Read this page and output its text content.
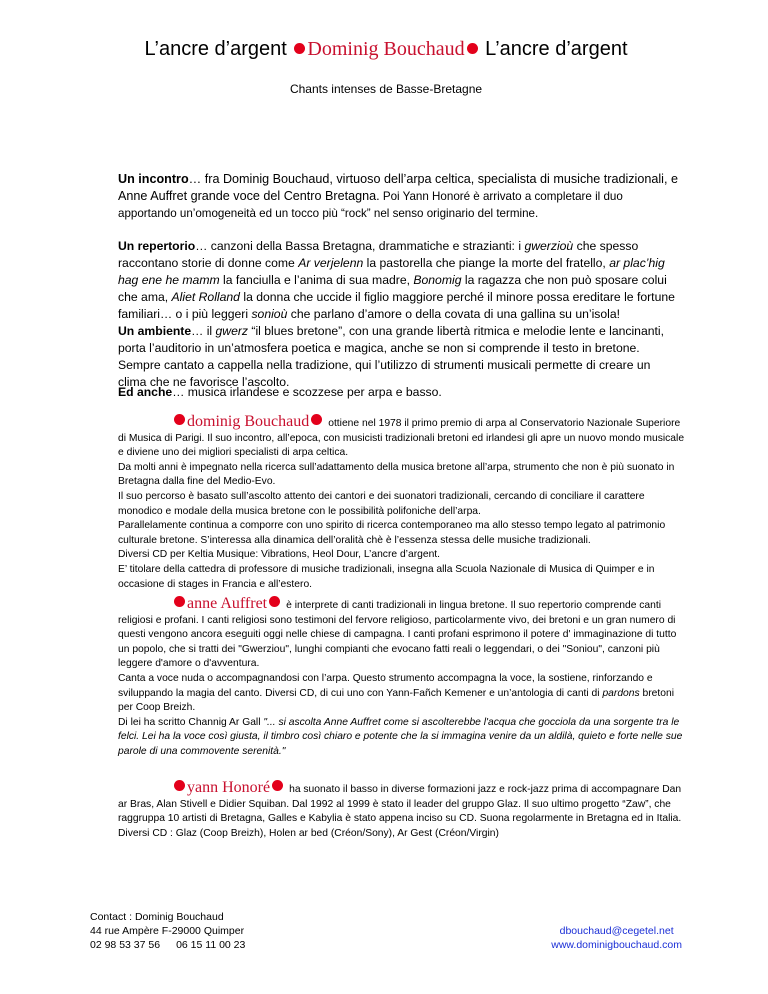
L’ancre d’argent Dominig Bouchaud L’ancre d’argent
Chants intenses de Basse-Bretagne
Un incontro… fra Dominig Bouchaud, virtuoso dell’arpa celtica, specialista di musiche tradizionali, e Anne Auffret grande voce del Centro Bretagna. Poi Yann Honoré è arrivato a completare il duo apportando un’omogeneità ed un tocco più “rock” nel senso originario del termine.
Un repertorio… canzoni della Bassa Bretagna, drammatiche e strazianti: i gwerzioù che spesso raccontano storie di donne come Ar verjelenn la pastorella che piange la morte del fratello, ar plac’hig hag ene he mamm la fanciulla e l’anima di sua madre, Bonomig la ragazza che non può sposare colui che ama, Aliet Rolland la donna che uccide il figlio maggiore perché il minore possa ereditare le fortune familiari… o i più leggeri sonioù che parlano d’amore o della covata di una gallina su un’isola!
Un ambiente… il gwerz “il blues bretone”, con una grande libertà ritmica e melodie lente e lancinanti, porta l’auditorio in un’atmosfera poetica e magica, anche se non si comprende il testo in bretone. Sempre cantato a cappella nella tradizione, qui l’utilizzo di strumenti musicali permette di creare un clima che ne favorisce l’ascolto.
Ed anche… musica irlandese e scozzese per arpa e basso.
dominig Bouchaud ottiene nel 1978 il primo premio di arpa al Conservatorio Nazionale Superiore
di Musica di Parigi. Il suo incontro, all’epoca, con musicisti tradizionali bretoni ed irlandesi gli apre un nuovo mondo musicale e diviene uno dei migliori specialisti di arpa celtica.
Da molti anni è impegnato nella ricerca sull’adattamento della musica bretone all’arpa, strumento che non è più suonato in Bretagna dalla fine del Medio-Evo.
Il suo percorso è basato sull’ascolto attento dei cantori e dei suonatori tradizionali, cercando di conciliare il carattere monodico e modale della musica bretone con le possibilità polifoniche dell’arpa.
Parallelamente continua a comporre con uno spirito di ricerca contemporaneo ma allo stesso tempo legato al patrimonio culturale bretone. S’interessa alla dinamica dell’oralità chè è l’essenza stessa delle musiche tradizionali.
Diversi CD per Keltia Musique: Vibrations, Heol Dour, L’ancre d’argent.
E’ titolare della cattedra di professore di musiche tradizionali, insegna alla Scuola Nazionale di Musica di Quimper e in occasione di stages in Francia e all’estero.
anne Auffret è interprete di canti tradizionali in lingua bretone. Il suo repertorio comprende canti
religiosi e profani. I canti religiosi sono testimoni del fervore religioso, particolarmente vivo, dei bretoni e un gran numero di questi vengono ancora eseguiti oggi nelle chiese di campagna. I canti profani esprimono il potere d' immaginazione di tutto un popolo, che si tratti dei "Gwerziou", lunghi compianti che evocano fatti reali o leggendari, o dei "Soniou", canzoni più leggere d'amore o d'avventura.
Canta a voce nuda o accompagnandosi con l’arpa. Questo strumento accompagna la voce, la sostiene, rinforzando e sviluppando la magia del canto. Diversi CD, di cui uno con Yann-Fañch Kemener e un’antologia di canti di pardons bretoni per Coop Breizh.
Di lei ha scritto Channig Ar Gall "... si ascolta Anne Auffret come si ascolterebbe l'acqua che gocciola da una sorgente tra le felci. Lei ha la voce così giusta, il timbro così chiaro e potente che la si immagina venire da un aldilà, quieto e forte nelle sue parole di una commovente serenità."
yann Honoré ha suonato il basso in diverse formazioni jazz e rock-jazz prima di accompagnare Dan
ar Bras, Alan Stivell e Didier Squiban. Dal 1992 al 1999 è stato il leader del gruppo Glaz. Il suo ultimo progetto “Zaw”, che raggruppa 10 artisti di Bretagna, Galles e Kabylia è stato appena inciso su CD. Suona regolarmente in Bretagna ed in Italia.
Diversi CD : Glaz (Coop Breizh), Holen ar bed (Créon/Sony), Ar Gest (Créon/Virgin)
Contact : Dominig Bouchaud
44 rue Ampère F-29000 Quimper
02 98 53 37 56 06 15 11 00 23
dbouchaud@cegetel.net
www.dominigbouchaud.com
